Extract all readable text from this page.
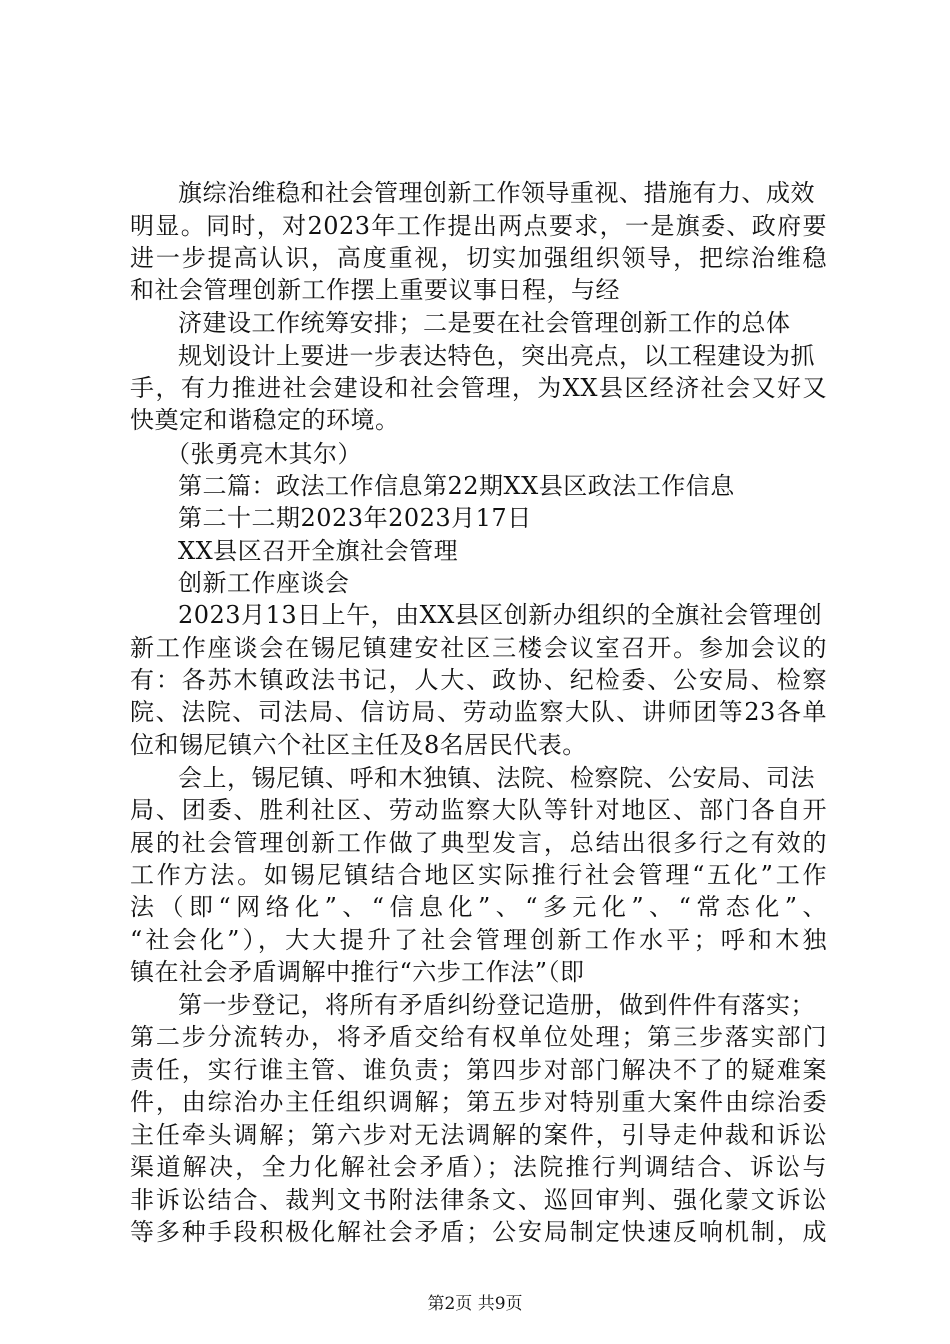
旗综治维稳和社会管理创新工作领导重视、措施有力、成效
明显。同时，对2023年工作提出两点要求，一是旗委、政府要
进一步提高认识，高度重视，切实加强组织领导，把综治维稳
和社会管理创新工作摆上重要议事日程，与经
济建设工作统筹安排；二是要在社会管理创新工作的总体
规划设计上要进一步表达特色，突出亮点，以工程建设为抓
手，有力推进社会建设和社会管理，为XX县区经济社会又好又
快奠定和谐稳定的环境。
（张勇亮木其尔）
第二篇：政法工作信息第22期XX县区政法工作信息
第二十二期2023年2023月17日
XX县区召开全旗社会管理
创新工作座谈会
2023月13日上午，由XX县区创新办组织的全旗社会管理创
新工作座谈会在锡尼镇建安社区三楼会议室召开。参加会议的
有：各苏木镇政法书记，人大、政协、纪检委、公安局、检察
院、法院、司法局、信访局、劳动监察大队、讲师团等23各单
位和锡尼镇六个社区主任及8名居民代表。
会上，锡尼镇、呼和木独镇、法院、检察院、公安局、司法
局、团委、胜利社区、劳动监察大队等针对地区、部门各自开
展的社会管理创新工作做了典型发言，总结出很多行之有效的
工作方法。如锡尼镇结合地区实际推行社会管理“五化”工作
法（即“网络化”、“信息化”、“多元化”、“常态化”、
“社会化”），大大提升了社会管理创新工作水平；呼和木独
镇在社会矛盾调解中推行“六步工作法”（即
第一步登记，将所有矛盾纠纷登记造册，做到件件有落实；
第二步分流转办，将矛盾交给有权单位处理；第三步落实部门
责任，实行谁主管、谁负责；第四步对部门解决不了的疑难案
件，由综治办主任组织调解；第五步对特别重大案件由综治委
主任牵头调解；第六步对无法调解的案件，引导走仲裁和诉讼
渠道解决，全力化解社会矛盾）；法院推行判调结合、诉讼与
非诉讼结合、裁判文书附法律条文、巡回审判、强化蒙文诉讼
等多种手段积极化解社会矛盾；公安局制定快速反响机制，成
第2页 共9页
